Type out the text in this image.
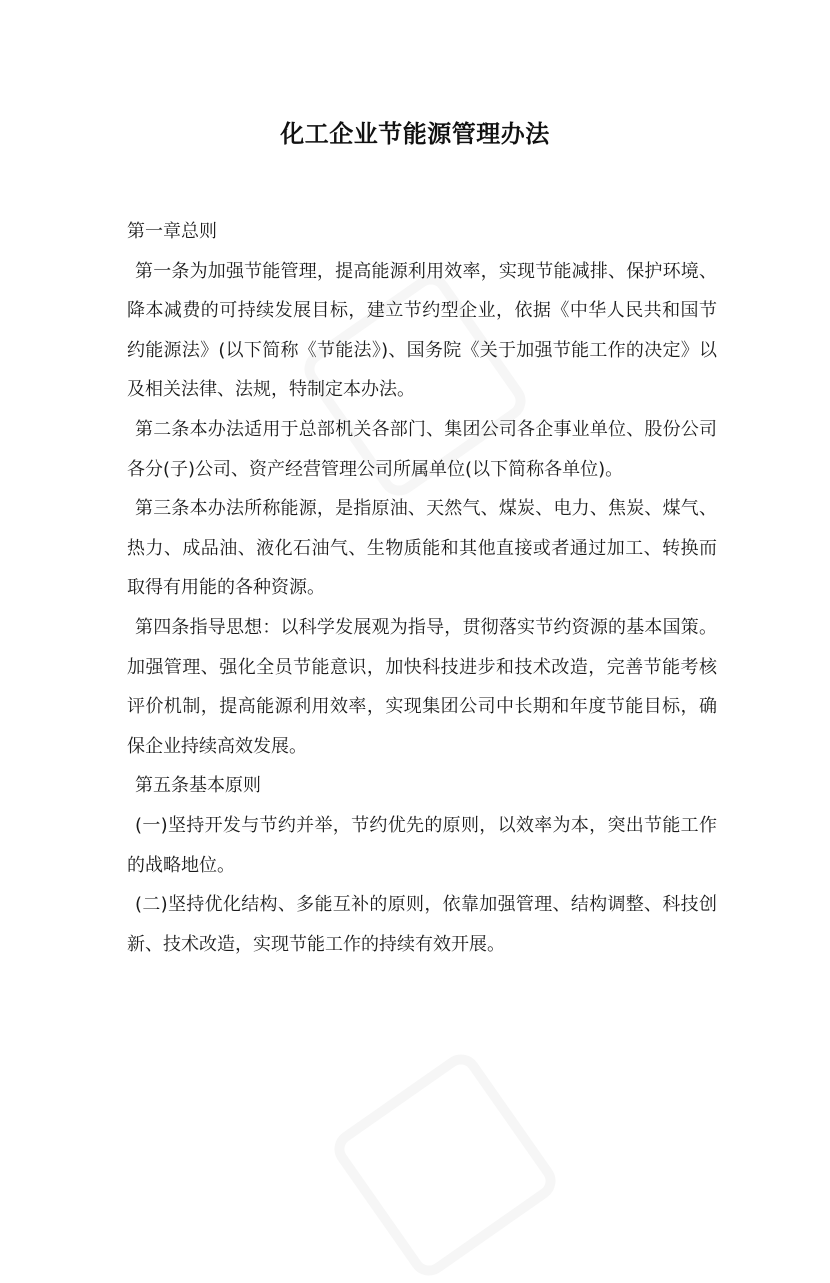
化工企业节能源管理办法

第一章总则

第一条为加强节能管理，提高能源利用效率，实现节能减排、保护环境、降本减费的可持续发展目标，建立节约型企业，依据《中华人民共和国节约能源法》(以下简称《节能法》)、国务院《关于加强节能工作的决定》以及相关法律、法规，特制定本办法。

第二条本办法适用于总部机关各部门、集团公司各企事业单位、股份公司各分(子)公司、资产经营管理公司所属单位(以下简称各单位)。

第三条本办法所称能源，是指原油、天然气、煤炭、电力、焦炭、煤气、热力、成品油、液化石油气、生物质能和其他直接或者通过加工、转换而取得有用能的各种资源。

第四条指导思想：以科学发展观为指导，贯彻落实节约资源的基本国策。加强管理、强化全员节能意识，加快科技进步和技术改造，完善节能考核评价机制，提高能源利用效率，实现集团公司中长期和年度节能目标，确保企业持续高效发展。

第五条基本原则

(一)坚持开发与节约并举，节约优先的原则，以效率为本，突出节能工作的战略地位。

(二)坚持优化结构、多能互补的原则，依靠加强管理、结构调整、科技创新、技术改造，实现节能工作的持续有效开展。
